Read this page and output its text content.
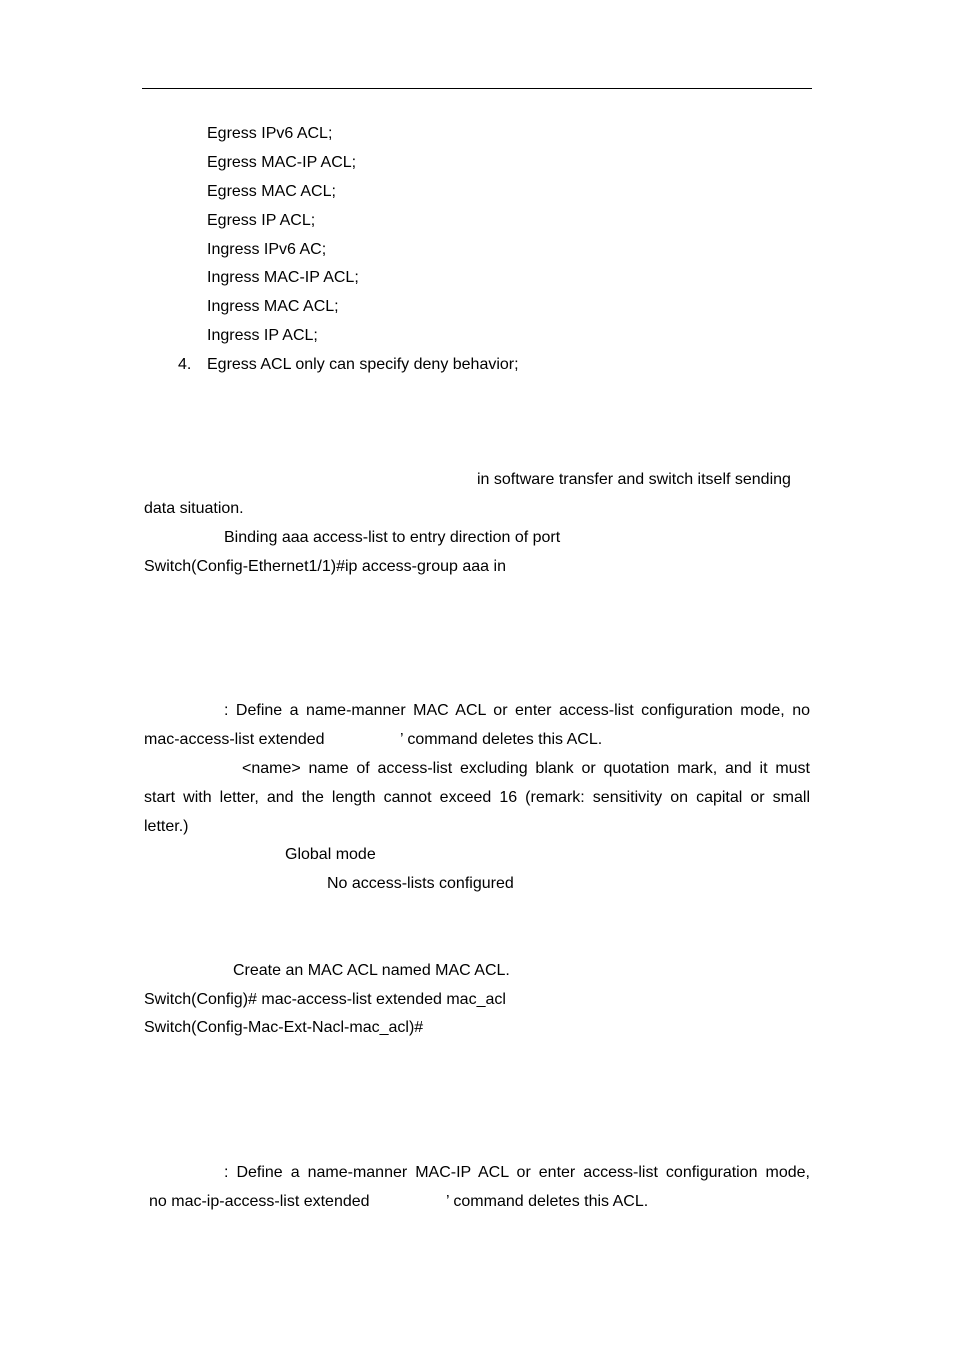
Egress IPv6 ACL;
Egress MAC-IP ACL;
Egress MAC ACL;
Egress IP ACL;
Ingress IPv6 AC;
Ingress MAC-IP ACL;
Ingress MAC ACL;
Ingress IP ACL;
4. Egress ACL only can specify deny behavior;
in software transfer and switch itself sending
data situation.
Binding aaa access-list to entry direction of port
Switch(Config-Ethernet1/1)#ip access-group aaa in
: Define a name-manner MAC ACL or enter access-list configuration mode, no
mac-access-list extended	’ command deletes this ACL.
<name> name of access-list excluding blank or quotation mark, and it must
start with letter, and the length cannot exceed 16 (remark: sensitivity on capital or small
letter.)
Global mode
No access-lists configured
Create an MAC ACL named MAC ACL.
Switch(Config)# mac-access-list extended mac_acl
Switch(Config-Mac-Ext-Nacl-mac_acl)#
: Define a name-manner MAC-IP ACL or enter access-list configuration mode,
no mac-ip-access-list extended	’ command deletes this ACL.
